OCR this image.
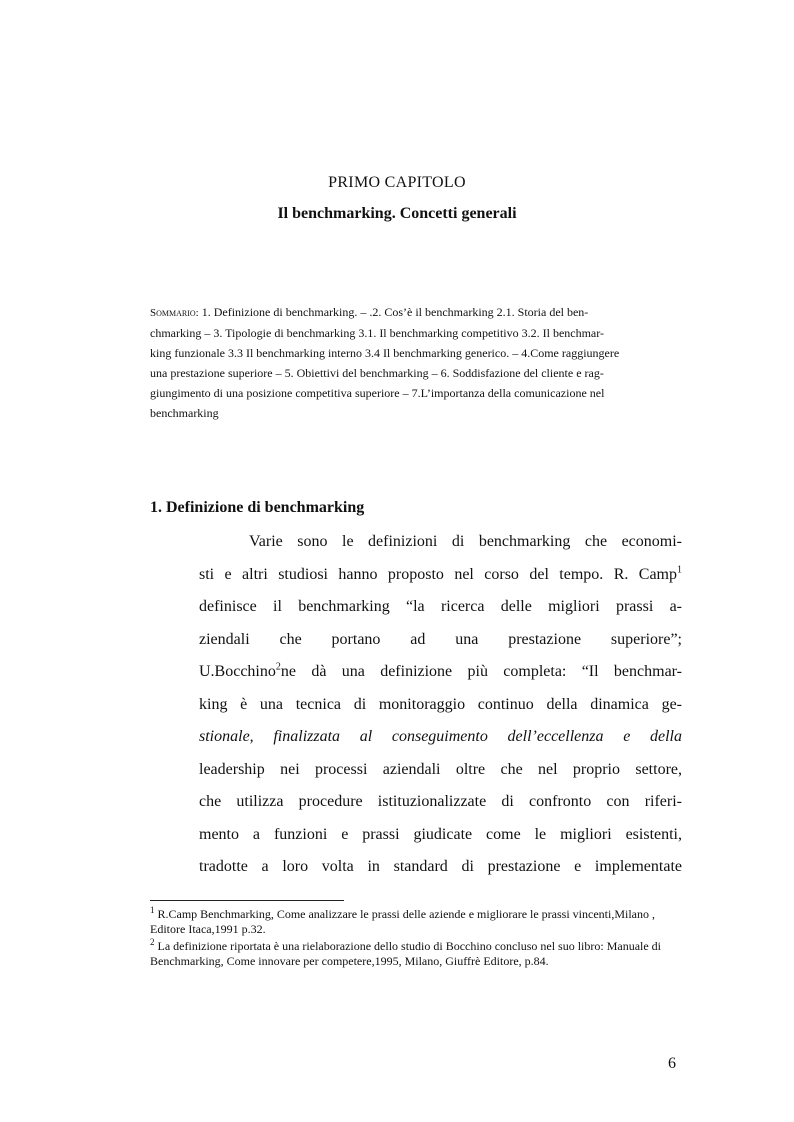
PRIMO CAPITOLO
Il benchmarking. Concetti generali
Sommario: 1. Definizione di benchmarking. – .2. Cos’è il benchmarking 2.1. Storia del ben-
chmarking – 3. Tipologie di benchmarking 3.1. Il benchmarking competitivo 3.2. Il benchmar-
king funzionale 3.3 Il benchmarking interno 3.4 Il benchmarking generico. – 4.Come raggiungere
una prestazione superiore – 5. Obiettivi del benchmarking – 6. Soddisfazione del cliente e rag-
giungimento di una posizione competitiva superiore – 7.L’importanza della comunicazione nel
benchmarking
1. Definizione di benchmarking
Varie sono le definizioni di benchmarking che economi-
sti e altri studiosi hanno proposto nel corso del tempo. R. Camp$^1$
definisce il benchmarking “la ricerca delle migliori prassi a-
ziendali che portano ad una prestazione superiore”;
U.Bocchino$^2$ne dà una definizione più completa: “Il benchmar-
king è una tecnica di monitoraggio continuo della dinamica ge-
stionale, finalizzata al conseguimento dell’eccellenza e della
leadership nei processi aziendali oltre che nel proprio settore,
che utilizza procedure istituzionalizzate di confronto con riferi-
mento a funzioni e prassi giudicate come le migliori esistenti,
tradotte a loro volta in standard di prestazione e implementate

$^1$ R.Camp Benchmarking, Come analizzare le prassi delle aziende e migliorare le prassi vincenti,Milano , Editore Itaca,1991 p.32.

$^2$ La definizione riportata è una rielaborazione dello studio di Bocchino concluso nel suo libro: Manuale di Benchmarking, Come innovare per competere,1995, Milano, Giuffrè Editore, p.84.

6
